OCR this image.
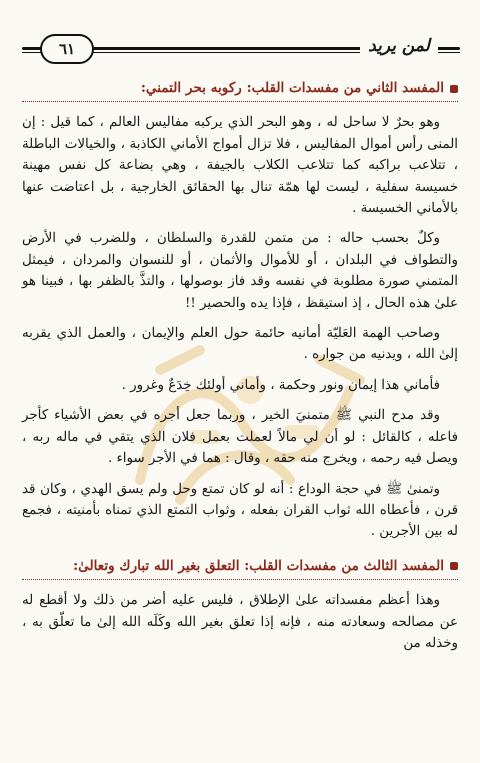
٦١	لمن يريد
المفسد الثاني من مفسدات القلب: ركوبه بحر التمني:

وهو بحرٌ لا ساحل له ، وهو البحر الذي يركبه مفاليس العالم ، كما قيل : إن المنى رأس أموال المفاليس ، فلا تزال أمواج الأماني الكاذبة ، والخيالات الباطلة ، تتلاعب براكبه كما تتلاعب الكلاب بالجيفة ، وهي بضاعة كل نفس مهينة خسيسة سفلية ، ليست لها همّة تنال بها الحقائق الخارجية ، بل اعتاضت عنها بالأماني الخسيسة .

وكلٌ بحسب حاله : من متمن للقدرة والسلطان ، وللضرب في الأرض والتطواف في البلدان ، أو للأموال والأثمان ، أو للنسوان والمردان ، فيمثل المتمني صورة مطلوبة في نفسه وقد فاز بوصولها ، والتذَّ بالظفر بها ، فبينا هو علىٰ هذه الحال ، إذ استيقظ ، فإذا يده والحصير !!

وصاحب الهمة العَليّة أمانيه حائمة حول العلم والإيمان ، والعمل الذي يقربه إلىٰ الله ، ويدنيه من جواره .

فأماني هذا إيمان ونور وحكمة ، وأماني أولئك خِدَعٌ وغرور .

وقد مدح النبي ﷺ متمنيَ الخير ، وربما جعل أجره في بعض الأشياء كأجر فاعله ، كالقائل : لو أن لي مالاً لعملت بعمل فلان الذي يتقي في ماله ربه ، ويصل فيه رحمه ، ويخرج منه حقه ، وقال : هما في الأجر سواء .

وتمنىٰ ﷺ في حجة الوداع : أنه لو كان تمتع وحل ولم يسق الهدي ، وكان قد قرن ، فأعطاه الله ثواب القران بفعله ، وثواب التمتع الذي تمناه بأمنيته ، فجمع له بين الأجرين .

المفسد الثالث من مفسدات القلب: التعلق بغير الله تبارك وتعالىٰ:

وهذا أعظم مفسداته علىٰ الإطلاق ، فليس عليه أضر من ذلك ولا أقطع له عن مصالحه وسعادته منه ، فإنه إذا تعلق بغير الله وكَلَه الله إلىٰ ما تعلّق به ، وخذله من
